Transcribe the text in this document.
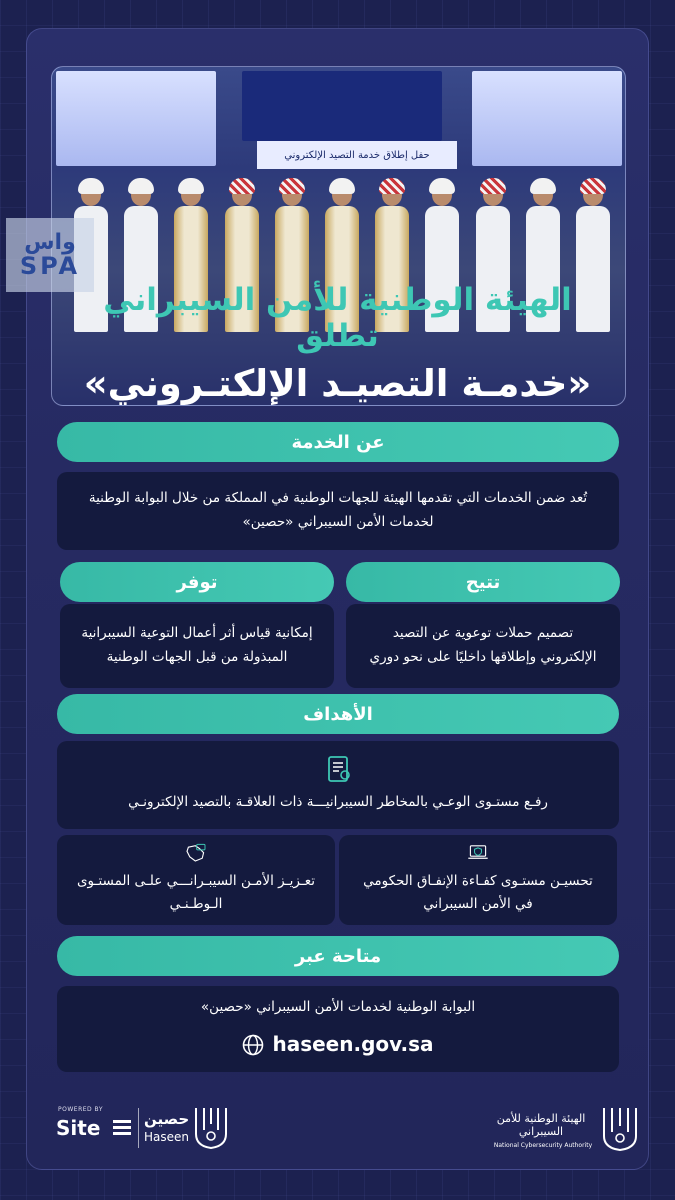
حفل إطلاق خدمة التصيد الإلكتروني
واس
SPA
الهيئة الوطنية للأمن السيبراني تطلق
«خدمـة التصيـد الإلكتـروني»
عن الخدمة
تُعد ضمن الخدمات التي تقدمها الهيئة للجهات الوطنية في المملكة من خلال البوابة الوطنية لخدمات الأمن السيبراني «حصين»
تتيح
توفر
تصميم حملات توعوية عن التصيد الإلكتروني وإطلاقها داخليًا على نحو دوري
إمكانية قياس أثر أعمال التوعية السيبرانية المبذولة من قبل الجهات الوطنية
الأهداف
رفـع مستـوى الوعـي بالمخاطر السيبرانيـــة ذات العلاقـة بالتصيد الإلكترونـي
تحسيـن مستـوى كفـاءة الإنفـاق الحكومي في الأمن السيبراني
تعـزيـز الأمـن السيبـرانـــي علـى المستـوى الـوطـنـي
متاحة عبر
البوابة الوطنية لخدمات الأمن السيبراني «حصين»
haseen.gov.sa
POWERED BY
Site	حصين
Haseen
الهيئة الوطنية للأمن السيبراني
National Cybersecurity Authority
